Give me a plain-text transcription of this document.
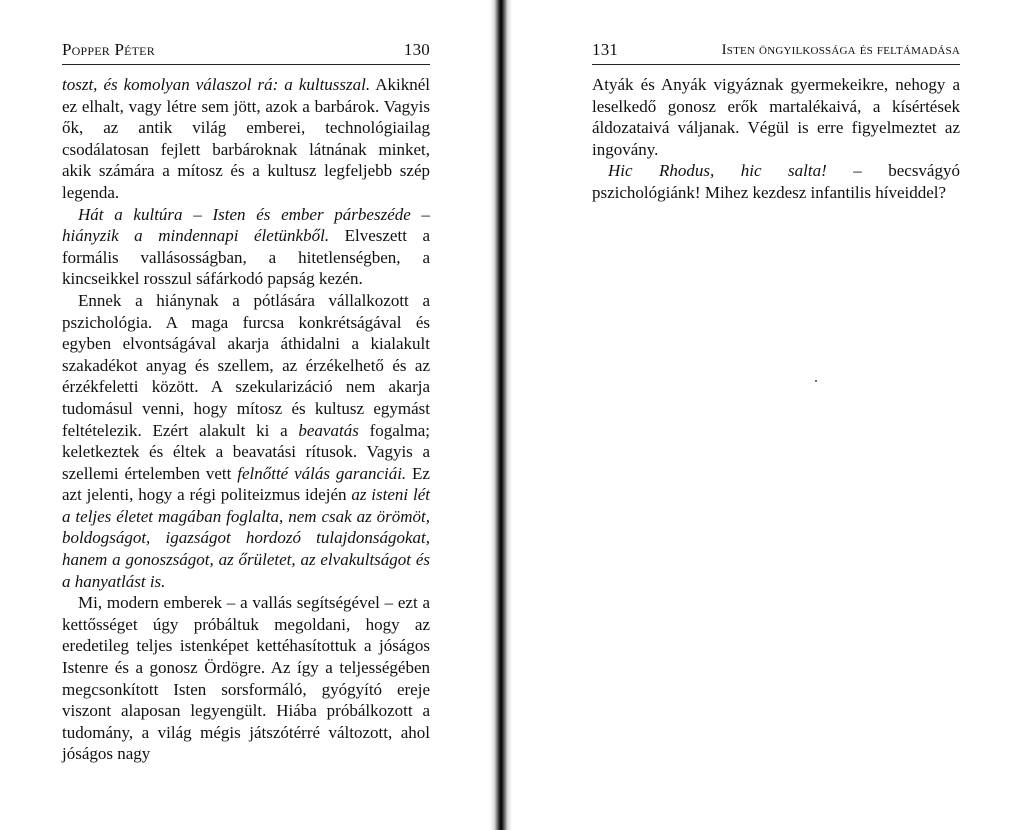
Popper Péter	130

toszt, és komolyan válaszol rá: a kultusszal. Akiknél ez elhalt, vagy létre sem jött, azok a barbárok. Vagyis ők, az antik világ emberei, technológiailag csodálatosan fejlett barbároknak látnának minket, akik számára a mítosz és a kultusz legfeljebb szép legenda.

Hát a kultúra – Isten és ember párbeszéde – hiányzik a mindennapi életünkből. Elveszett a formális vallásosságban, a hitetlenségben, a kincseikkel rosszul sáfárkodó papság kezén.

Ennek a hiánynak a pótlására vállalkozott a pszichológia. A maga furcsa konkrétságával és egyben elvontságával akarja áthidalni a kialakult szakadékot anyag és szellem, az érzékelhető és az érzékfeletti között. A szekularizáció nem akarja tudomásul venni, hogy mítosz és kultusz egymást feltételezik. Ezért alakult ki a beavatás fogalma; keletkeztek és éltek a beavatási rítusok. Vagyis a szellemi értelemben vett felnőtté válás garanciái. Ez azt jelenti, hogy a régi politeizmus idején az isteni lét a teljes életet magában foglalta, nem csak az örömöt, boldogságot, igazságot hordozó tulajdonságokat, hanem a gonoszságot, az őrületet, az elvakultságot és a hanyatlást is.

Mi, modern emberek – a vallás segítségével – ezt a kettősséget úgy próbáltuk megoldani, hogy az eredetileg teljes istenképet kettéhasítottuk a jóságos Istenre és a gonosz Ördögre. Az így a teljességében megcsonkított Isten sorsformáló, gyógyító ereje viszont alaposan legyengült. Hiába próbálkozott a tudomány, a világ mégis játszótérré változott, ahol jóságos nagy

131	Isten öngyilkossága és feltámadása

Atyák és Anyák vigyáznak gyermekeikre, nehogy a leselkedő gonosz erők martalékaivá, a kísértések áldozataivá váljanak. Végül is erre figyelmeztet az ingovány.

Hic Rhodus, hic salta! – becsvágyó pszichológiánk! Mihez kezdesz infantilis híveiddel?
